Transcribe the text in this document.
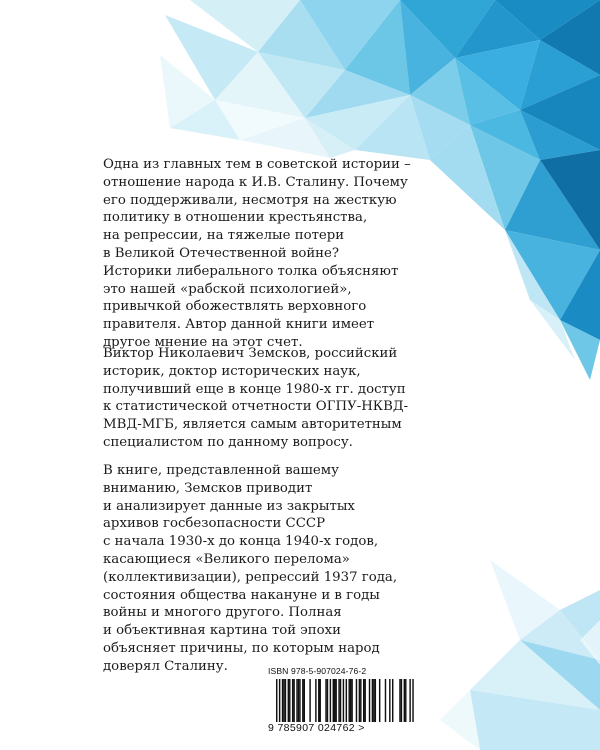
Одна из главных тем в советской истории –
отношение народа к И.В. Сталину. Почему
его поддерживали, несмотря на жесткую
политику в отношении крестьянства,
на репрессии, на тяжелые потери
в Великой Отечественной войне?
Историки либерального толка объясняют
это нашей «рабской психологией»,
привычкой обожествлять верховного
правителя. Автор данной книги имеет
другое мнение на этот счет.

Виктор Николаевич Земсков, российский
историк, доктор исторических наук,
получивший еще в конце 1980-х гг. доступ
к статистической отчетности ОГПУ-НКВД-
МВД-МГБ, является самым авторитетным
специалистом по данному вопросу.

В книге, представленной вашему
вниманию, Земсков приводит
и анализирует данные из закрытых
архивов госбезопасности СССР
с начала 1930-х до конца 1940-х годов,
касающиеся «Великого перелома»
(коллективизации), репрессий 1937 года,
состояния общества накануне и в годы
войны и многого другого. Полная
и объективная картина той эпохи
объясняет причины, по которым народ
доверял Сталину.	ISBN 978-5-907024-76-2
9 785907 024762 >
